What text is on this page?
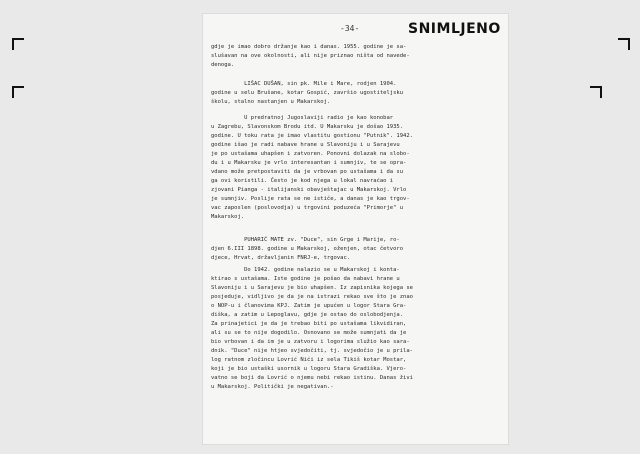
-34-	SNIMLJENO
gdje je imao dobro držanje kao i danas. 1955. godine je sa-
slušavan na ove okolnosti, ali nije priznao ništa od navede-
denoga.
LIŠAC DUŠAN, sin pk. Mile i Mare, rodjen 1904.
godine u selu Brušane, kotar Gospić, završio ugostiteljsku
školu, stalno nastanjen u Makarskoj.
U predratnoj Jugoslaviji radio je kao konobar
u Zagrebu, Slavonskom Brodu itd. U Makarsku je došao 1935.
godine. U toku rata je imao vlastitu gostionu "Putnik". 1942.
godine išao je radi nabave hrane u Slavoniju i u Sarajevu
je po ustašama uhapšen i zatvoren. Ponovni dolazak na slobo-
du i u Makarsku je vrlo interesantan i sumnjiv, te se opra-
vdano može pretpostaviti da je vrbovan po ustašama i da su
ga ovi koristili. Često je kod njega u lokal navraćao i
zjovani Pianga - italijanski obavještajac u Makarskoj. Vrlo
je sumnjiv. Poslije rata se ne ističe, a danas je kao trgov-
vac zaposlen (poslovodja) u trgovini poduzeća "Primorje" u
Makarskoj.
PUHARIĆ MATE zv. "Duce", sin Grge i Marije, ro-
djen 6.III 1898. godine u Makarskoj, oženjen, otac četvoro
djece, Hrvat, državljanin FNRJ-e, trgovac.
Do 1942. godine nalazio se u Makarskoj i konta-
ktirao s ustašama. Iste godine je pošao da nabavi hrane u
Slavoniju i u Sarajevu je bio uhapšen. Iz zapisnika kojega se
posjeduje, vidljivo je da je na istrazi rekao sve što je znao
o NOP-u i članovima KPJ. Zatim je upućen u logor Stara Gra-
diška, a zatim u Lepoglavu, gdje je ostao do oslobodjenja.
Za prinajetici je da je trebao biti po ustašama likvidiran,
ali su se to nije dogodilo. Osnovano se može sumnjati da je
bio vrbovan i da im je u zatvoru i logorima služio kao sara-
dnik. "Duce" nije htjeo svjedočiti, tj. svjedočio je u prila-
log ratnom zločincu Lovrić Nići iz sela Tikiš kotar Mostar,
koji je bio ustaški usornik u logoru Stara Gradiška. Vjero-
vatno se boji da Lovrić o njemu nebi rekao istinu. Danas živi
u Makarskoj. Politički je negativan.-
